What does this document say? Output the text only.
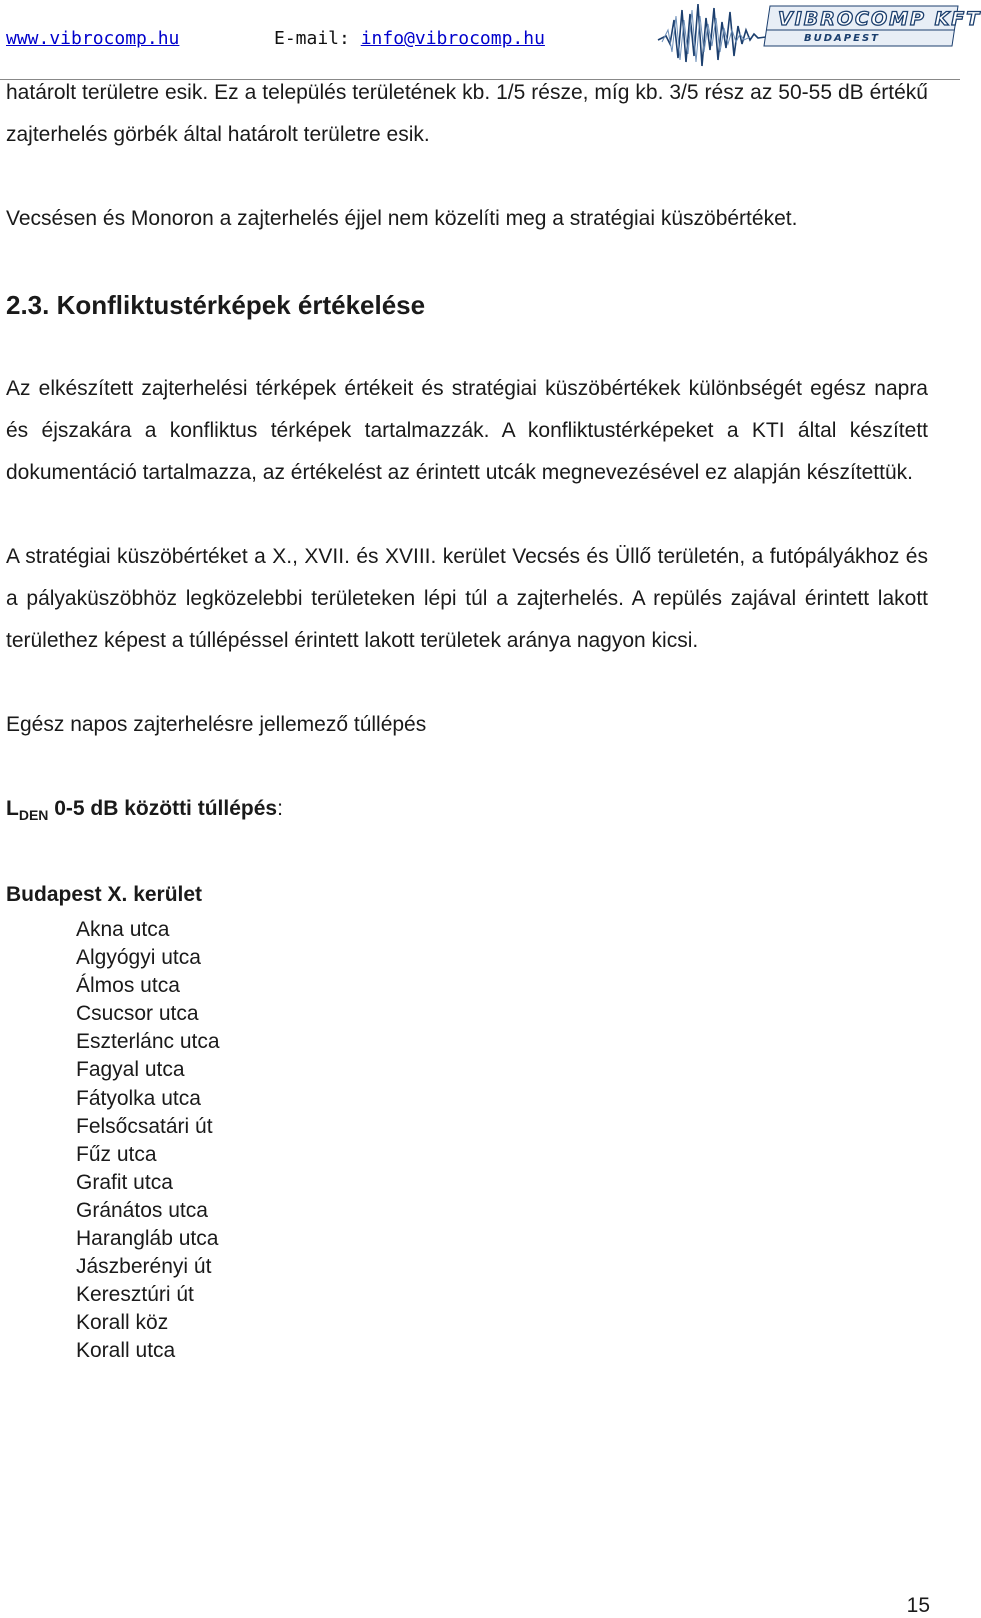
www.vibrocomp.hu	E-mail: info@vibrocomp.hu
VIBROCOMP KFT
BUDAPEST

határolt területre esik. Ez a település területének kb. 1/5 része, míg kb. 3/5 rész az 50-55 dB értékű zajterhelés görbék által határolt területre esik.

Vecsésen és Monoron a zajterhelés éjjel nem közelíti meg a stratégiai küszöbértéket.

2.3. Konfliktustérképek értékelése

Az elkészített zajterhelési térképek értékeit és stratégiai küszöbértékek különbségét egész napra és éjszakára a konfliktus térképek tartalmazzák. A konfliktustérképeket a KTI által készített dokumentáció tartalmazza, az értékelést az érintett utcák megnevezésével ez alapján készítettük.

A stratégiai küszöbértéket a X., XVII. és XVIII. kerület Vecsés és Üllő területén, a futópályákhoz és a pályaküszöbhöz legközelebbi területeken lépi túl a zajterhelés. A repülés zajával érintett lakott területhez képest a túllépéssel érintett lakott területek aránya nagyon kicsi.

Egész napos zajterhelésre jellemező túllépés

$L_{DEN}$ 0-5 dB közötti túllépés:

Budapest X. kerület

Akna utca
Algyógyi utca
Álmos utca
Csucsor utca
Eszterlánc utca
Fagyal utca
Fátyolka utca
Felsőcsatári út
Fűz utca
Grafit utca
Gránátos utca
Harangláb utca
Jászberényi út
Keresztúri út
Korall köz
Korall utca
15
